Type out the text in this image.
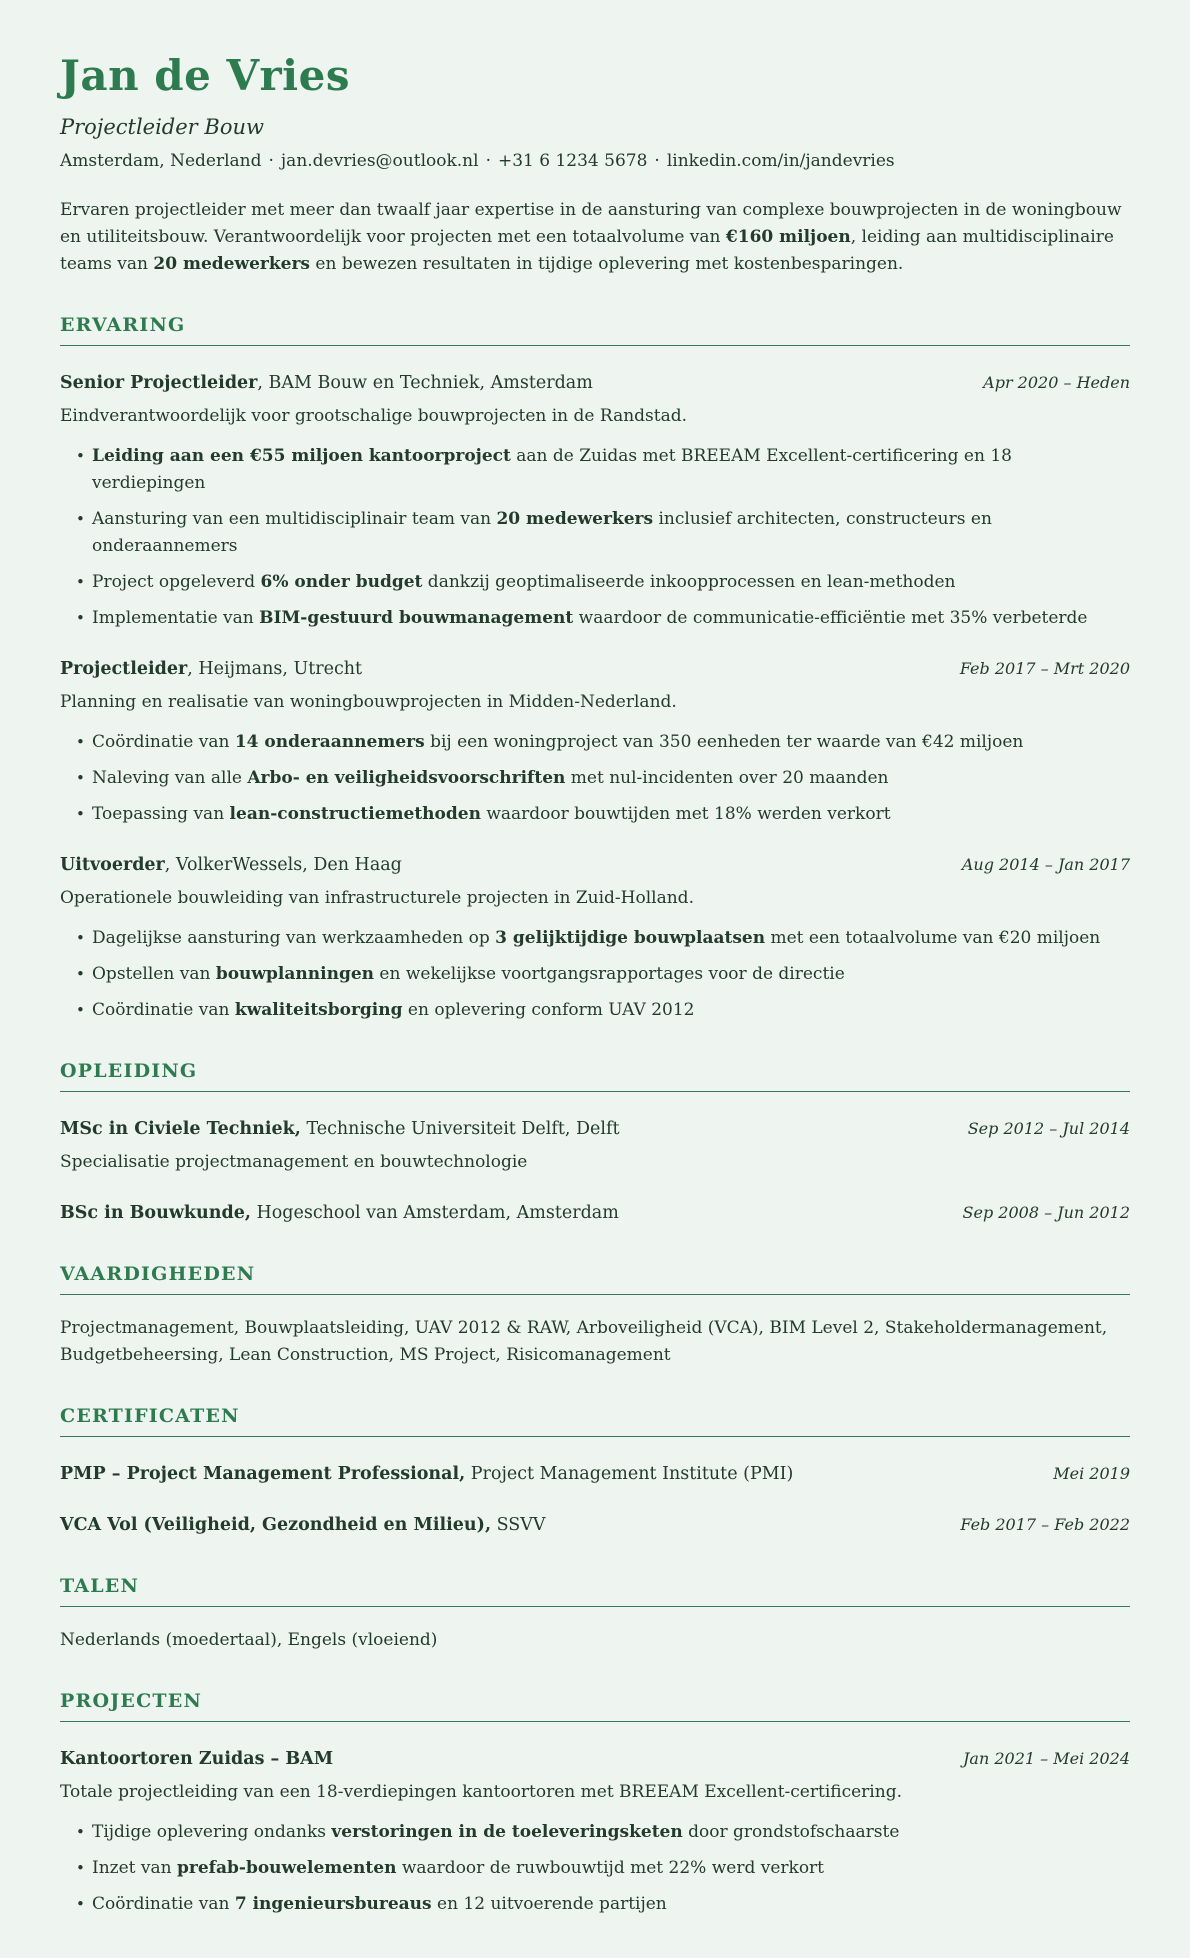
Jan de Vries

Projectleider Bouw

Amsterdam, Nederland · jan.devries@outlook.nl · +31 6 1234 5678 · linkedin.com/in/jandevries

Ervaren projectleider met meer dan twaalf jaar expertise in de aansturing van complexe bouwprojecten in de woningbouw en utiliteitsbouw. Verantwoordelijk voor projecten met een totaalvolume van €160 miljoen, leiding aan multidisciplinaire teams van 20 medewerkers en bewezen resultaten in tijdige oplevering met kostenbesparingen.

ERVARING
Senior Projectleider, BAM Bouw en Techniek, Amsterdam	Apr 2020 – Heden

Eindverantwoordelijk voor grootschalige bouwprojecten in de Randstad.

• Leiding aan een €55 miljoen kantoorproject aan de Zuidas met BREEAM Excellent-certificering en 18 verdiepingen
• Aansturing van een multidisciplinair team van 20 medewerkers inclusief architecten, constructeurs en onderaannemers
• Project opgeleverd 6% onder budget dankzij geoptimaliseerde inkoopprocessen en lean-methoden
• Implementatie van BIM-gestuurd bouwmanagement waardoor de communicatie-efficiëntie met 35% verbeterde
Projectleider, Heijmans, Utrecht	Feb 2017 – Mrt 2020

Planning en realisatie van woningbouwprojecten in Midden-Nederland.

• Coördinatie van 14 onderaannemers bij een woningproject van 350 eenheden ter waarde van €42 miljoen
• Naleving van alle Arbo- en veiligheidsvoorschriften met nul-incidenten over 20 maanden
• Toepassing van lean-constructiemethoden waardoor bouwtijden met 18% werden verkort
Uitvoerder, VolkerWessels, Den Haag	Aug 2014 – Jan 2017

Operationele bouwleiding van infrastructurele projecten in Zuid-Holland.

• Dagelijkse aansturing van werkzaamheden op 3 gelijktijdige bouwplaatsen met een totaalvolume van €20 miljoen
• Opstellen van bouwplanningen en wekelijkse voortgangsrapportages voor de directie
• Coördinatie van kwaliteitsborging en oplevering conform UAV 2012
OPLEIDING
MSc in Civiele Techniek, Technische Universiteit Delft, Delft	Sep 2012 – Jul 2014

Specialisatie projectmanagement en bouwtechnologie

BSc in Bouwkunde, Hogeschool van Amsterdam, Amsterdam	Sep 2008 – Jun 2012
VAARDIGHEDEN

Projectmanagement, Bouwplaatsleiding, UAV 2012 & RAW, Arboveiligheid (VCA), BIM Level 2, Stakeholdermanagement, Budgetbeheersing, Lean Construction, MS Project, Risicomanagement

CERTIFICATEN
PMP – Project Management Professional, Project Management Institute (PMI)	Mei 2019
VCA Vol (Veiligheid, Gezondheid en Milieu), SSVV	Feb 2017 – Feb 2022
TALEN

Nederlands (moedertaal), Engels (vloeiend)

PROJECTEN
Kantoortoren Zuidas – BAM	Jan 2021 – Mei 2024

Totale projectleiding van een 18-verdiepingen kantoortoren met BREEAM Excellent-certificering.

• Tijdige oplevering ondanks verstoringen in de toeleveringsketen door grondstofschaarste
• Inzet van prefab-bouwelementen waardoor de ruwbouwtijd met 22% werd verkort
• Coördinatie van 7 ingenieursbureaus en 12 uitvoerende partijen
